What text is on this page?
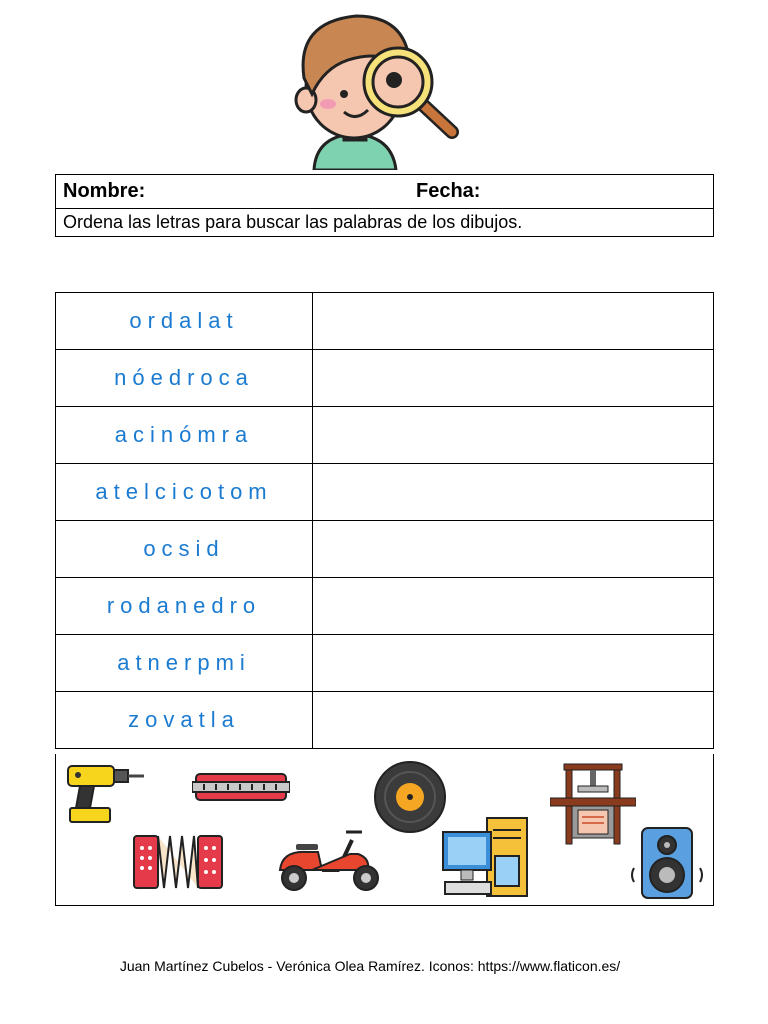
Nombre:	Fecha:
Ordena las letras para buscar las palabras de los dibujos.
ordalat	
nóedroca	
acinómra	
atelcicotom	
ocsid	
rodanedro	
atnerpmi	
zovatla	
Juan Martínez Cubelos - Verónica Olea Ramírez. Iconos: https://www.flaticon.es/
